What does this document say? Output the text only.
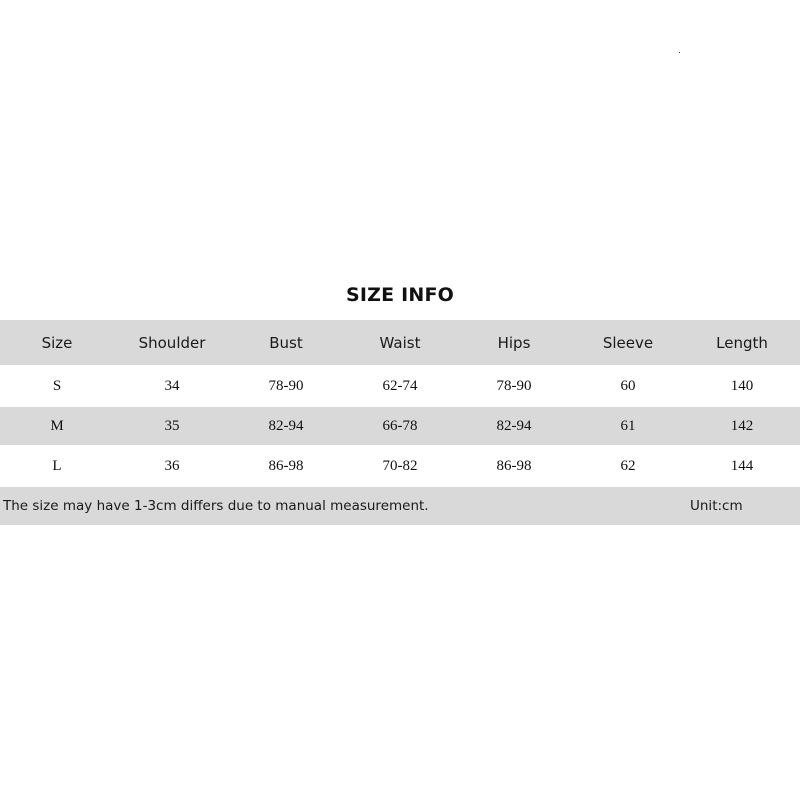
SIZE INFO
Size	Shoulder	Bust	Waist	Hips	Sleeve	Length
S	34	78-90	62-74	78-90	60	140
M	35	82-94	66-78	82-94	61	142
L	36	86-98	70-82	86-98	62	144
The size may have 1-3cm differs due to manual measurement.	Unit:cm
